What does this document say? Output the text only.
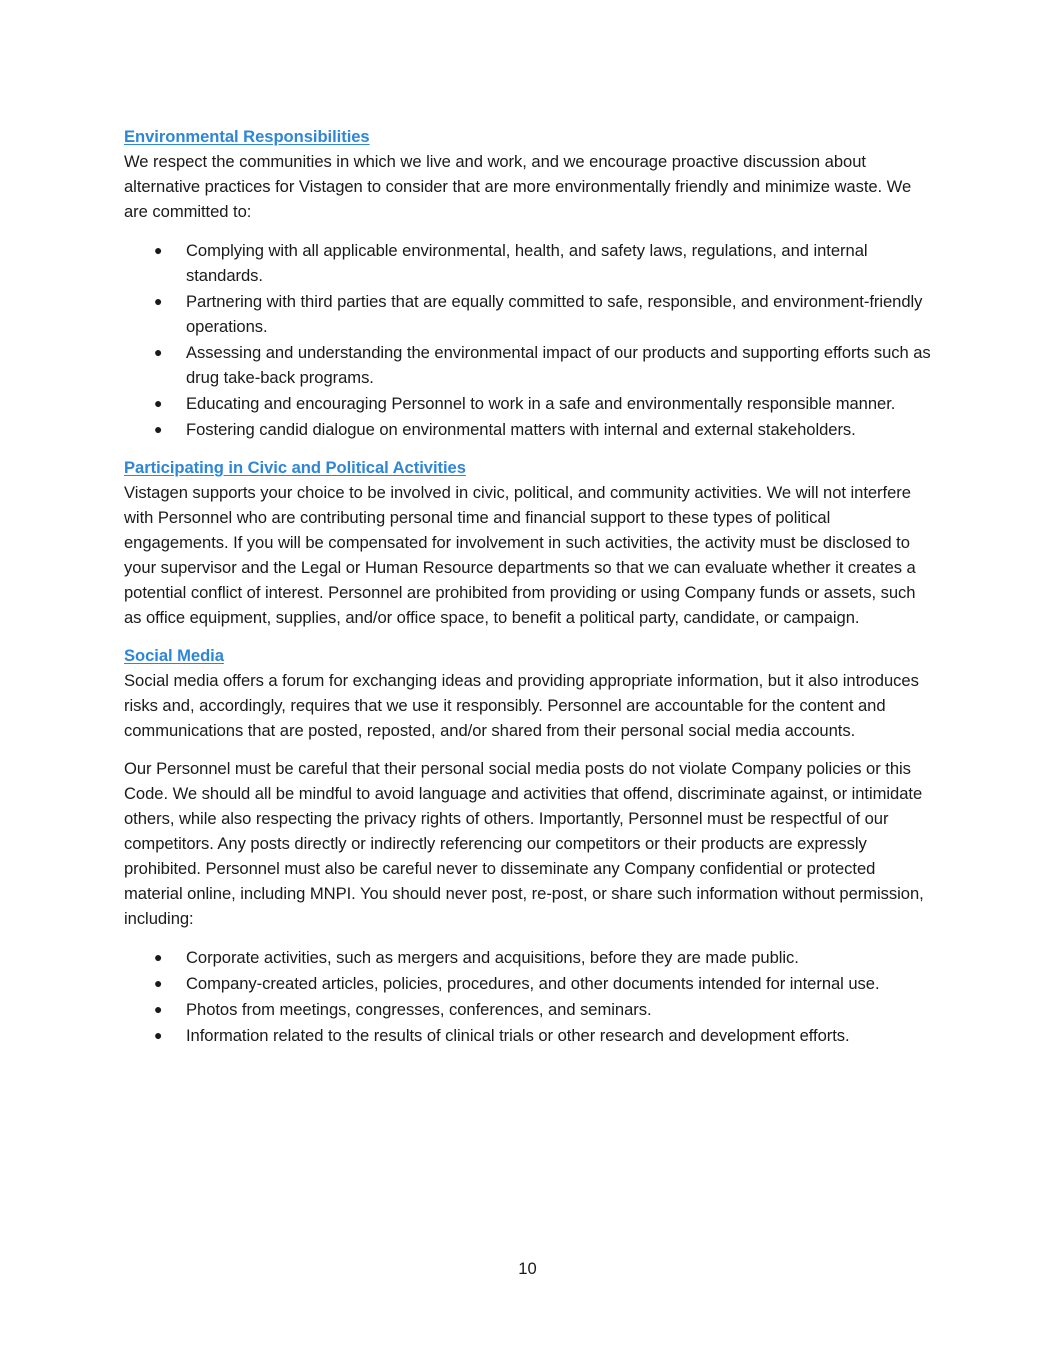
Environmental Responsibilities

We respect the communities in which we live and work, and we encourage proactive discussion about alternative practices for Vistagen to consider that are more environmentally friendly and minimize waste. We are committed to:

●	Complying with all applicable environmental, health, and safety laws, regulations, and internal standards.
●	Partnering with third parties that are equally committed to safe, responsible, and environment-friendly operations.
●	Assessing and understanding the environmental impact of our products and supporting efforts such as drug take-back programs.
●	Educating and encouraging Personnel to work in a safe and environmentally responsible manner.
●	Fostering candid dialogue on environmental matters with internal and external stakeholders.
Participating in Civic and Political Activities

Vistagen supports your choice to be involved in civic, political, and community activities. We will not interfere with Personnel who are contributing personal time and financial support to these types of political engagements. If you will be compensated for involvement in such activities, the activity must be disclosed to your supervisor and the Legal or Human Resource departments so that we can evaluate whether it creates a potential conflict of interest. Personnel are prohibited from providing or using Company funds or assets, such as office equipment, supplies, and/or office space, to benefit a political party, candidate, or campaign.

Social Media

Social media offers a forum for exchanging ideas and providing appropriate information, but it also introduces risks and, accordingly, requires that we use it responsibly. Personnel are accountable for the content and communications that are posted, reposted, and/or shared from their personal social media accounts.

Our Personnel must be careful that their personal social media posts do not violate Company policies or this Code. We should all be mindful to avoid language and activities that offend, discriminate against, or intimidate others, while also respecting the privacy rights of others. Importantly, Personnel must be respectful of our competitors. Any posts directly or indirectly referencing our competitors or their products are expressly prohibited. Personnel must also be careful never to disseminate any Company confidential or protected material online, including MNPI. You should never post, re-post, or share such information without permission, including:

●	Corporate activities, such as mergers and acquisitions, before they are made public.
●	Company-created articles, policies, procedures, and other documents intended for internal use.
●	Photos from meetings, congresses, conferences, and seminars.
●	Information related to the results of clinical trials or other research and development efforts.
10
